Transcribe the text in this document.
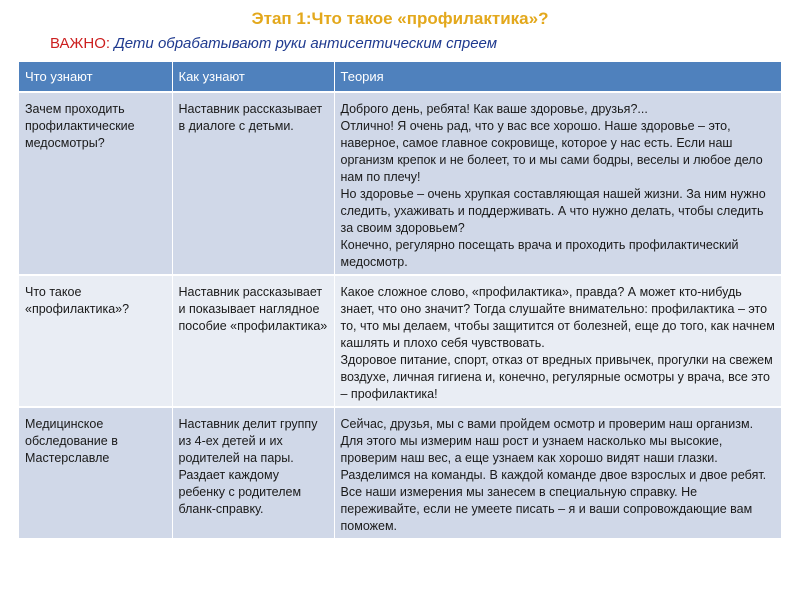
Этап 1:Что такое «профилактика»?
ВАЖНО: Дети обрабатывают руки антисептическим спреем
Что узнают	Как узнают	Теория
Зачем проходить профилактические медосмотры?	Наставник рассказывает в диалоге с детьми.	Доброго день, ребята! Как ваше здоровье, друзья?...
Отлично! Я очень рад, что у вас все хорошо. Наше здоровье – это, наверное, самое главное сокровище, которое у нас есть. Если наш организм крепок и не болеет, то и мы сами бодры, веселы и любое дело нам по плечу!
Но здоровье – очень хрупкая составляющая нашей жизни. За ним нужно следить, ухаживать и поддерживать. А что нужно делать, чтобы следить за своим здоровьем?
Конечно, регулярно посещать врача и проходить профилактический медосмотр.

Что такое «профилактика»?	Наставник рассказывает и показывает наглядное пособие «профилактика»	Какое сложное слово, «профилактика», правда? А может кто-нибудь знает, что оно значит? Тогда слушайте внимательно: профилактика – это то, что мы делаем, чтобы защитится от болезней, еще до того, как начнем кашлять и плохо себя чувствовать.
Здоровое питание, спорт, отказ от вредных привычек, прогулки на свежем воздухе, личная гигиена и, конечно, регулярные осмотры у врача, все это – профилактика!

Медицинское обследование в Мастерславле	Наставник делит группу из 4-ех детей и их родителей на пары. Раздает каждому ребенку с родителем бланк-справку.	Сейчас, друзья, мы с вами пройдем осмотр и проверим наш организм. Для этого мы измерим наш рост и узнаем насколько мы высокие, проверим наш вес, а еще узнаем как хорошо видят наши глазки. Разделимся на команды. В каждой команде двое взрослых и двое ребят. Все наши измерения мы занесем в специальную справку. Не переживайте, если не умеете писать – я и ваши сопровождающие вам поможем.
